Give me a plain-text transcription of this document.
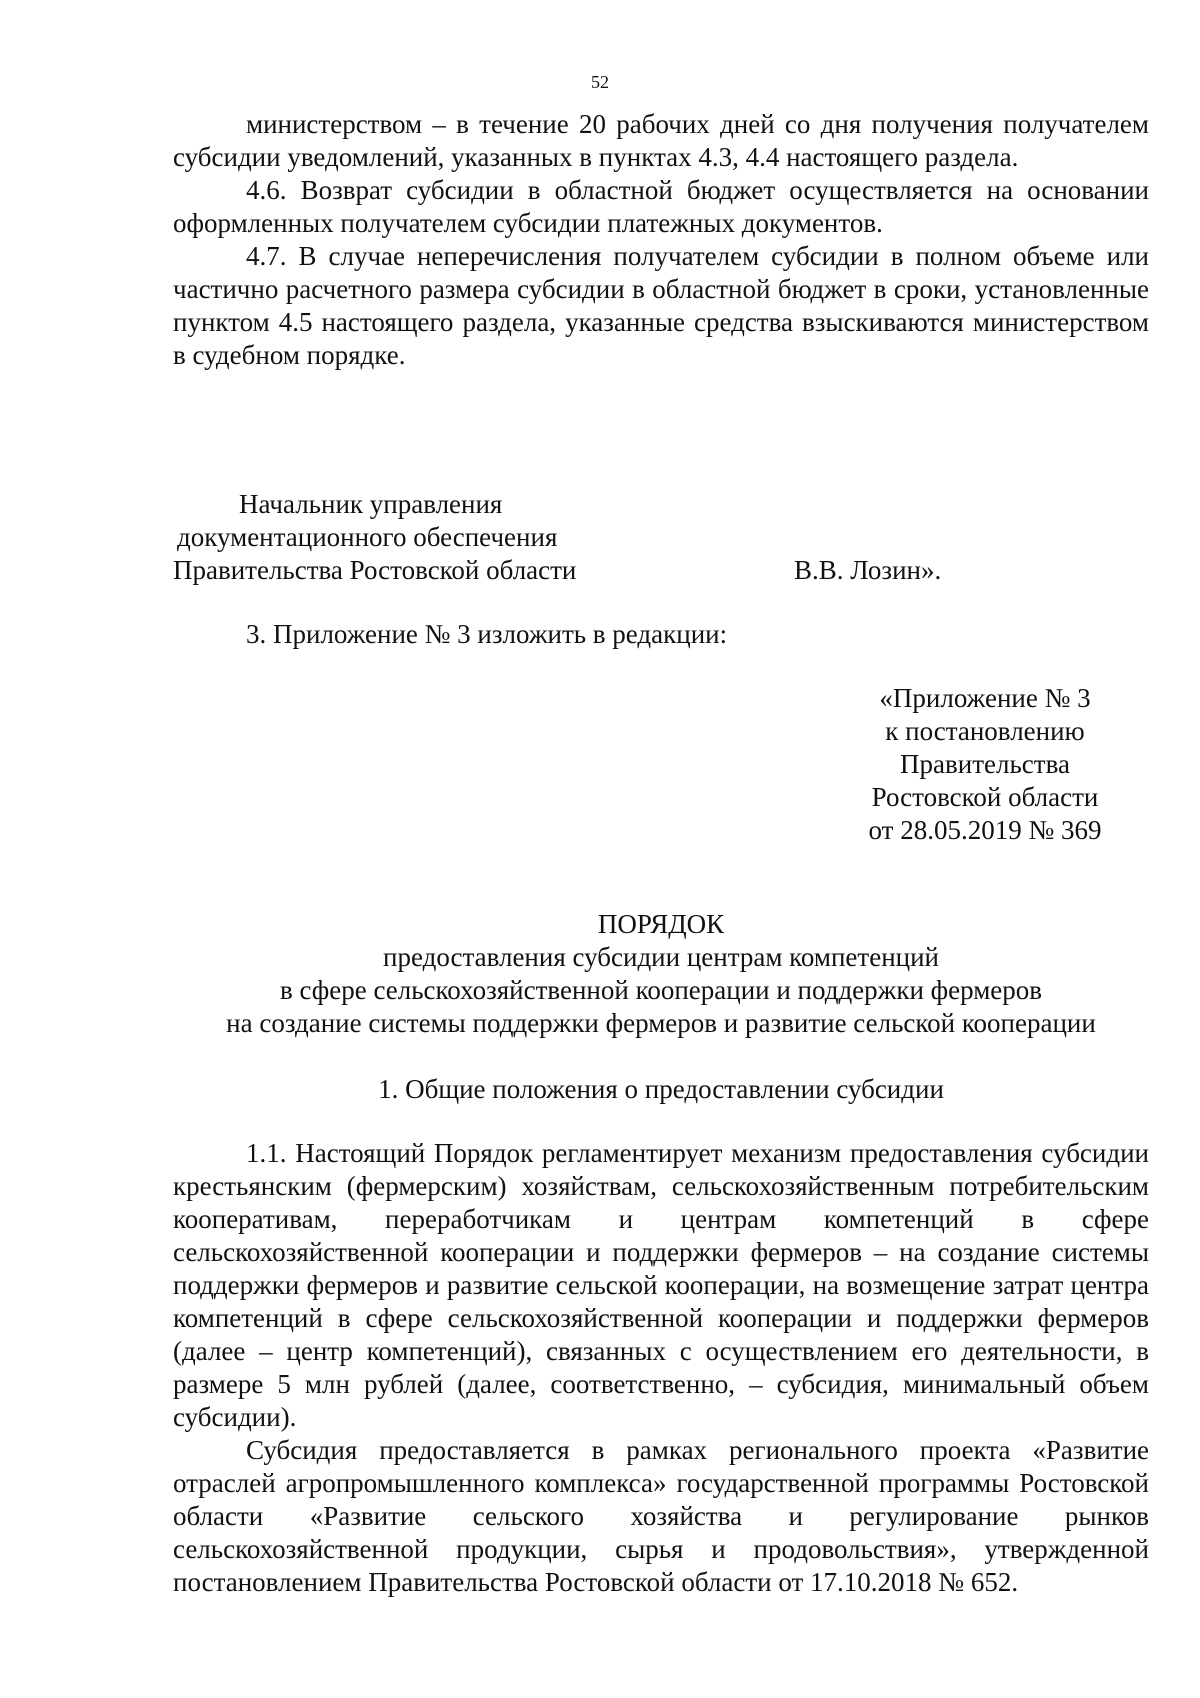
52

министерством – в течение 20 рабочих дней со дня получения получателем субсидии уведомлений, указанных в пунктах 4.3, 4.4 настоящего раздела.

4.6. Возврат субсидии в областной бюджет осуществляется на основании оформленных получателем субсидии платежных документов.

4.7. В случае неперечисления получателем субсидии в полном объеме или частично расчетного размера субсидии в областной бюджет в сроки, установленные пунктом 4.5 настоящего раздела, указанные средства взыскиваются министерством в судебном порядке.

Начальник управления
документационного обеспечения
Правительства Ростовской области	В.В. Лозин».
3. Приложение № 3 изложить в редакции:
«Приложение № 3
к постановлению
Правительства
Ростовской области
от 28.05.2019 № 369
ПОРЯДОК
предоставления субсидии центрам компетенций
в сфере сельскохозяйственной кооперации и поддержки фермеров
на создание системы поддержки фермеров и развитие сельской кооперации
1. Общие положения о предоставлении субсидии

1.1. Настоящий Порядок регламентирует механизм предоставления субсидии крестьянским (фермерским) хозяйствам, сельскохозяйственным потребительским кооперативам, переработчикам и центрам компетенций в сфере сельскохозяйственной кооперации и поддержки фермеров – на создание системы поддержки фермеров и развитие сельской кооперации, на возмещение затрат центра компетенций в сфере сельскохозяйственной кооперации и поддержки фермеров (далее – центр компетенций), связанных с осуществлением его деятельности, в размере 5 млн рублей (далее, соответственно, – субсидия, минимальный объем субсидии).

Субсидия предоставляется в рамках регионального проекта «Развитие отраслей агропромышленного комплекса» государственной программы Ростовской области «Развитие сельского хозяйства и регулирование рынков сельскохозяйственной продукции, сырья и продовольствия», утвержденной постановлением Правительства Ростовской области от 17.10.2018 № 652.
